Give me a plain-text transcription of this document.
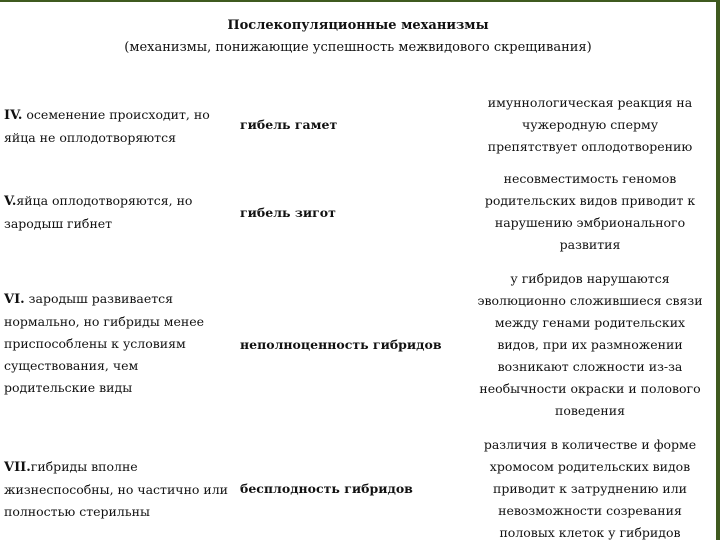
Послекопуляционные механизмы
(механизмы, понижающие успешность межвидового скрещивания)
IV. осеменение происходит, но
яйца не оплодотворяются
гибель гамет
имуннологическая реакция на
чужеродную сперму
препятствует оплодотворению
V.яйца оплодотворяются, но
зародыш гибнет
гибель зигот
несовместимость геномов
родительских видов приводит к
нарушению эмбрионального
развития
VI. зародыш развивается
нормально, но гибриды менее
приспособлены к условиям
существования, чем
родительские виды
неполноценность гибридов
у гибридов нарушаются
эволюционно сложившиеся связи
между генами родительских
видов, при их размножении
возникают сложности из-за
необычности окраски и полового
поведения
VII.гибриды вполне
жизнеспособны, но частично или
полностью стерильны
бесплодность гибридов
различия в количестве и форме
хромосом родительских видов
приводит к затруднению или
невозможности созревания
половых клеток у гибридов
